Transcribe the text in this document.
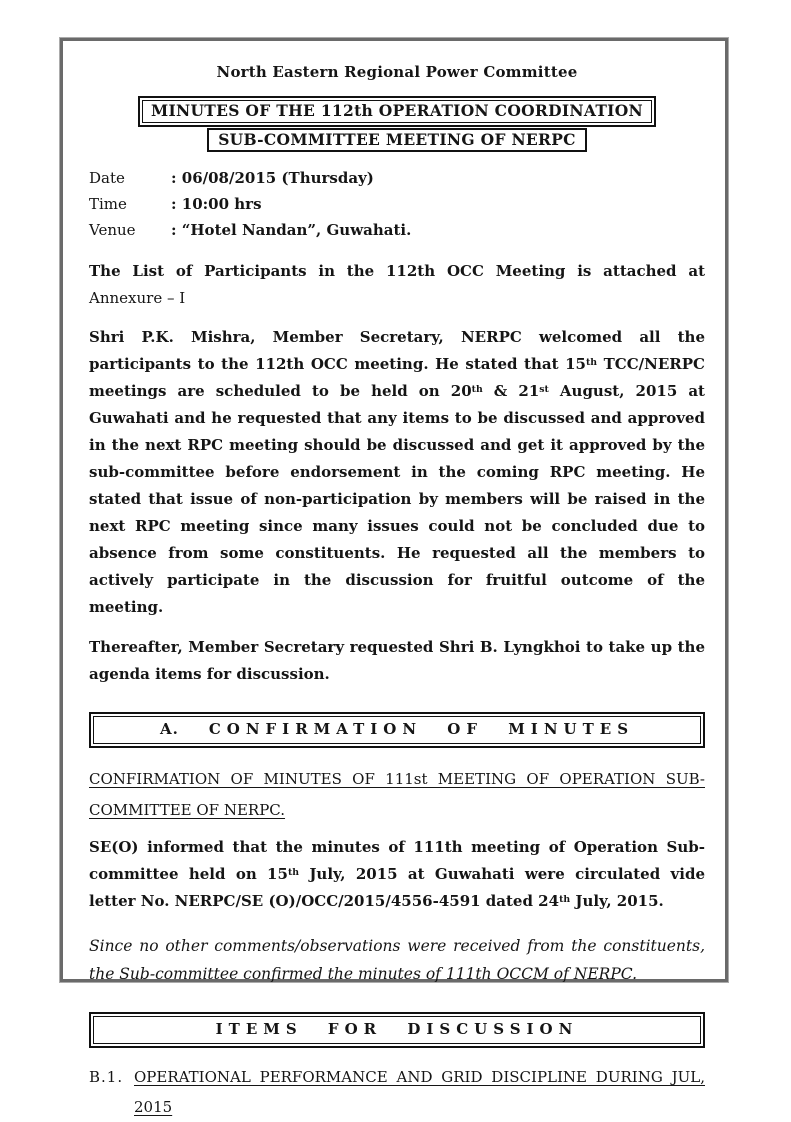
North Eastern Regional Power Committee
MINUTES OF THE 112th OPERATION COORDINATION

SUB-COMMITTEE MEETING OF NERPC
Date	: 06/08/2015 (Thursday)
Time	: 10:00 hrs
Venue	: “Hotel Nandan”, Guwahati.

The List of Participants in the 112th OCC Meeting is attached at Annexure – I

Shri P.K. Mishra, Member Secretary, NERPC welcomed all the participants to the 112th OCC meeting. He stated that 15th TCC/NERPC meetings are scheduled to be held on 20th & 21st August, 2015 at Guwahati and he requested that any items to be discussed and approved in the next RPC meeting should be discussed and get it approved by the sub-committee before endorsement in the coming RPC meeting. He stated that issue of non-participation by members will be raised in the next RPC meeting since many issues could not be concluded due to absence from some constituents. He requested all the members to actively participate in the discussion for fruitful outcome of the meeting.

Thereafter, Member Secretary requested Shri B. Lyngkhoi to take up the agenda items for discussion.

A. CONFIRMATION OF MINUTES
CONFIRMATION OF MINUTES OF 111st MEETING OF OPERATION SUB-
COMMITTEE OF NERPC.

SE(O) informed that the minutes of 111th meeting of Operation Sub-committee held on 15th July, 2015 at Guwahati were circulated vide letter No. NERPC/SE (O)/OCC/2015/4556-4591 dated 24th July, 2015.

Since no other comments/observations were received from the constituents, the Sub-committee confirmed the minutes of 111th OCCM of NERPC.

ITEMS FOR DISCUSSION
B.1. OPERATIONAL PERFORMANCE AND GRID DISCIPLINE DURING JUL,
2015
